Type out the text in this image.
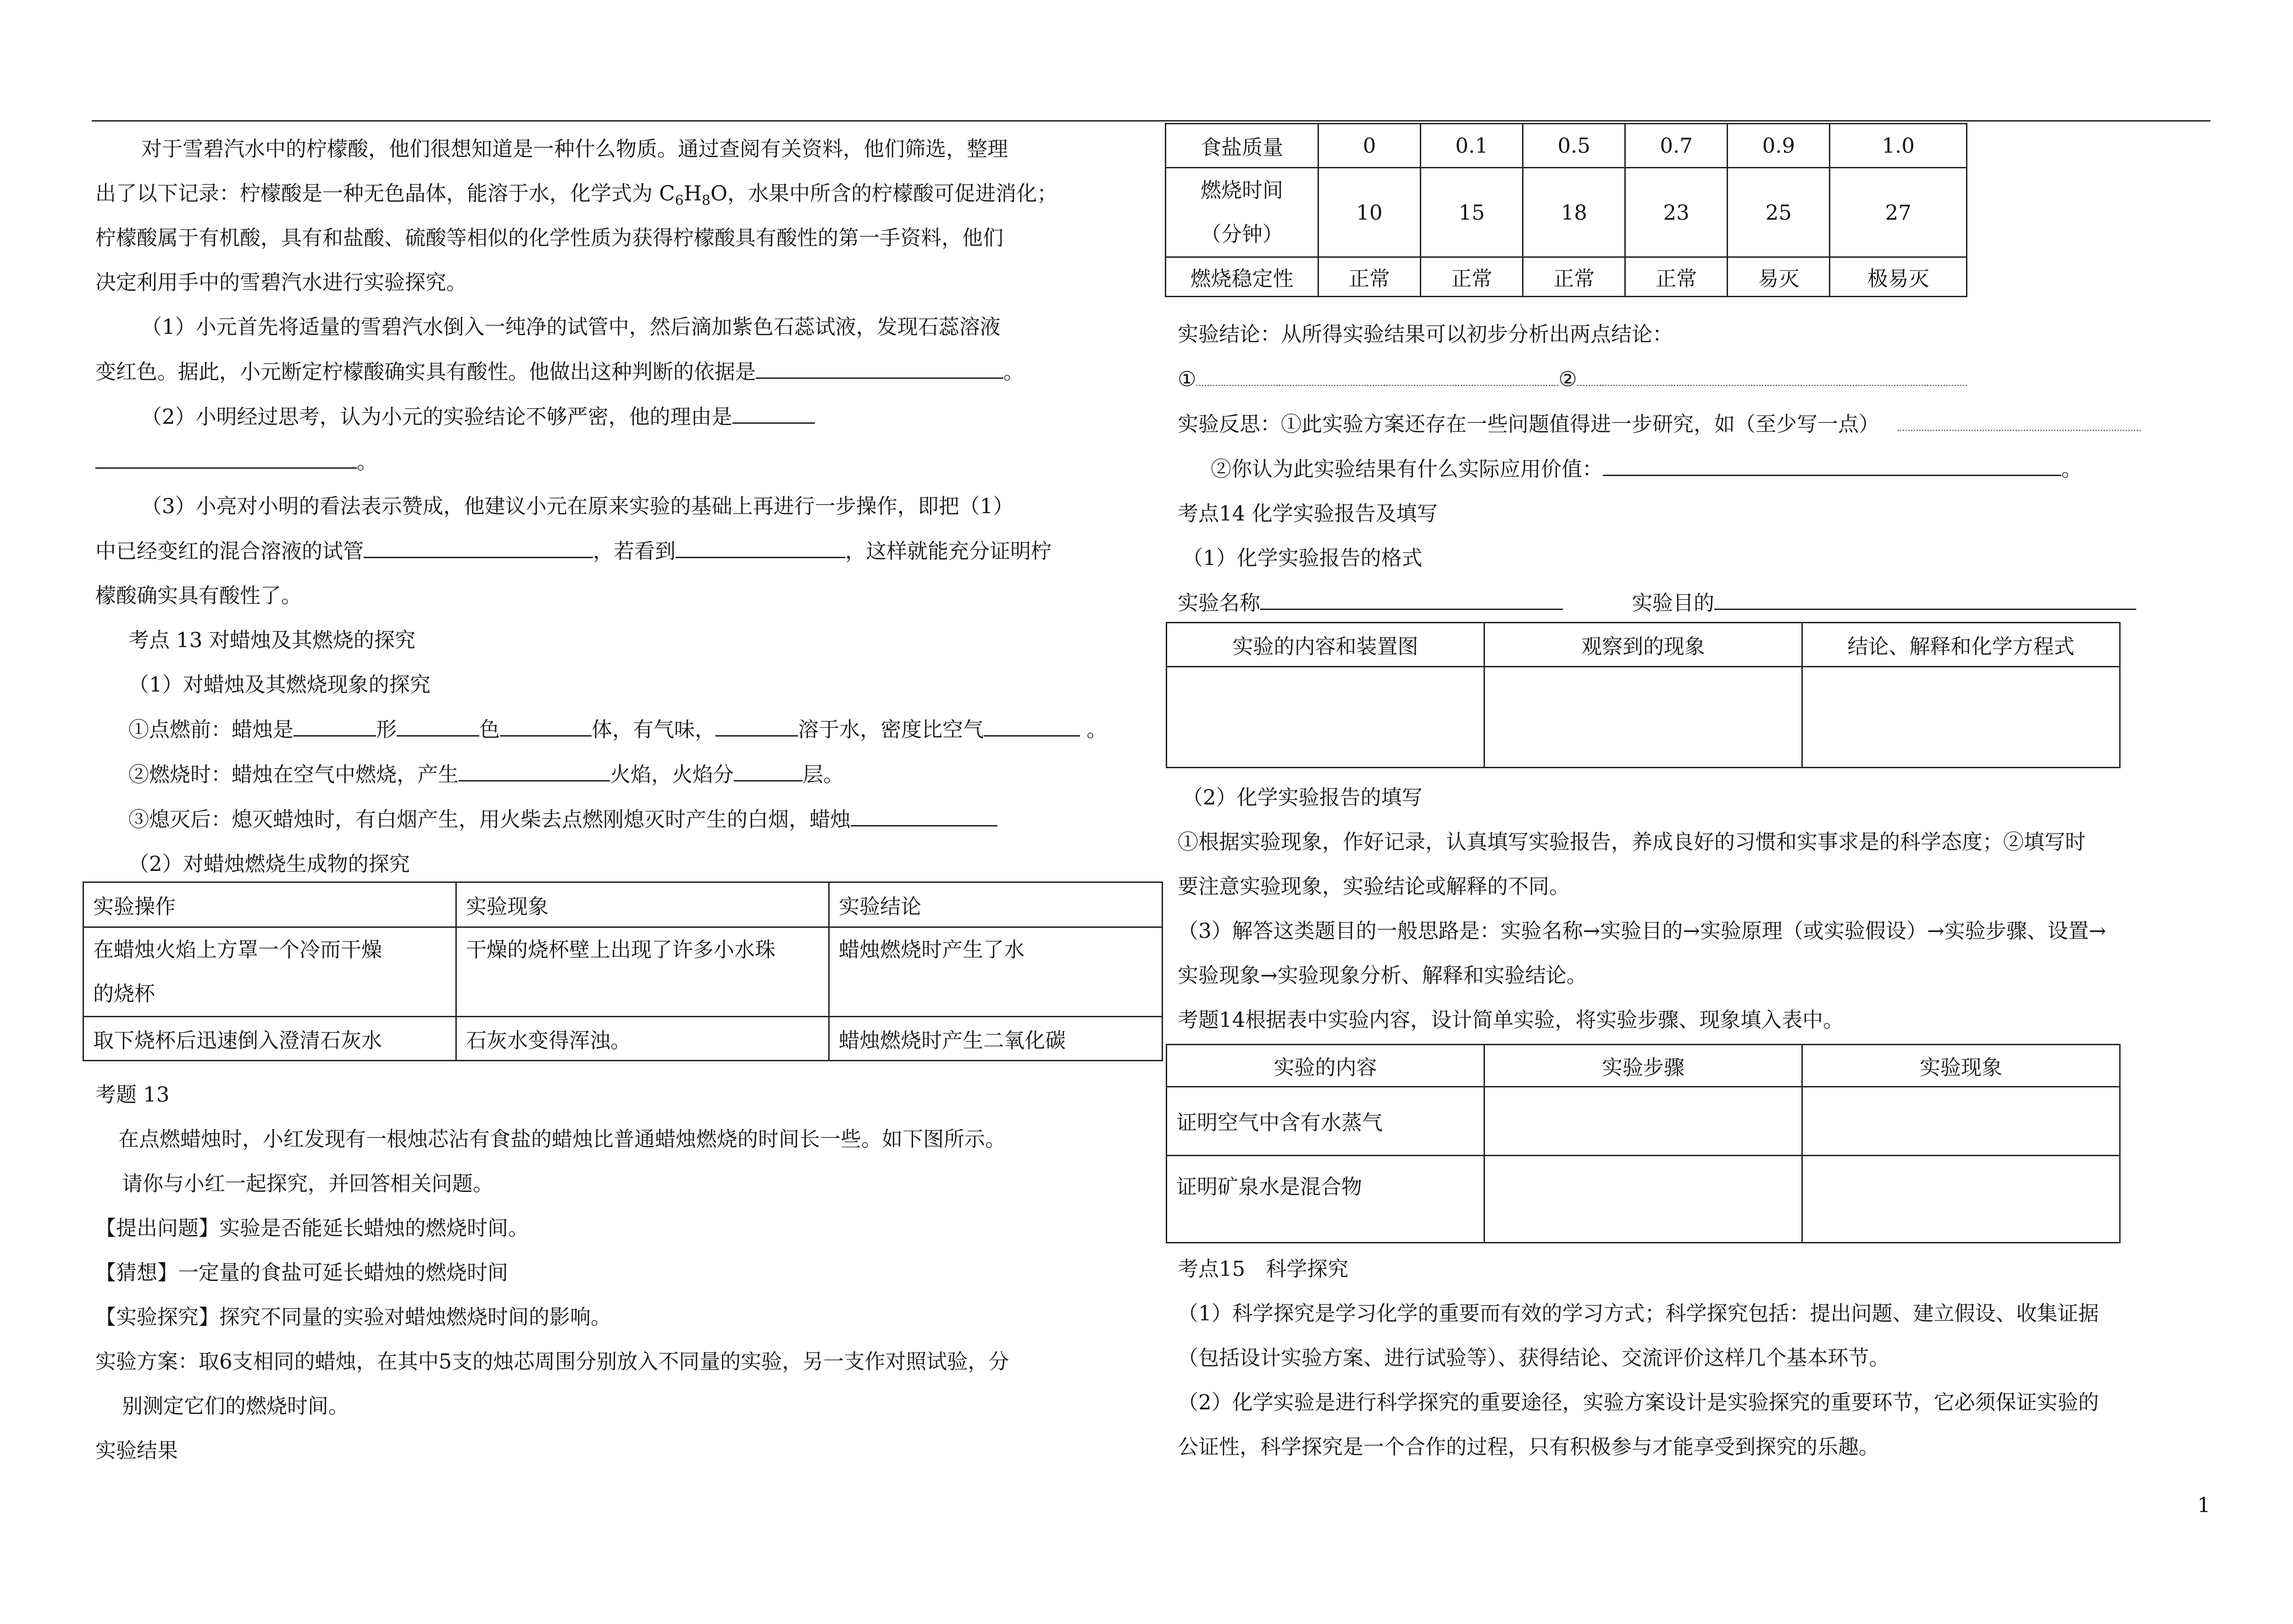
对于雪碧汽水中的柠檬酸，他们很想知道是一种什么物质。通过查阅有关资料，他们筛选，整理

出了以下记录：柠檬酸是一种无色晶体，能溶于水，化学式为 $C_6H_8O$，水果中所含的柠檬酸可促进消化；

柠檬酸属于有机酸，具有和盐酸、硫酸等相似的化学性质为获得柠檬酸具有酸性的第一手资料，他们

决定利用手中的雪碧汽水进行实验探究。

（1）小元首先将适量的雪碧汽水倒入一纯净的试管中，然后滴加紫色石蕊试液，发现石蕊溶液

变红色。据此，小元断定柠檬酸确实具有酸性。他做出这种判断的依据是	。

（2）小明经过思考，认为小元的实验结论不够严密，他的理由是

。

（3）小亮对小明的看法表示赞成，他建议小元在原来实验的基础上再进行一步操作，即把（1）

中已经变红的混合溶液的试管	，若看到	，这样就能充分证明柠

檬酸确实具有酸性了。

考点 13 对蜡烛及其燃烧的探究

（1）对蜡烛及其燃烧现象的探究

①点燃前：蜡烛是	形	色	体，有气味，	溶于水，密度比空气	。

②燃烧时：蜡烛在空气中燃烧，产生	火焰，火焰分	层。

③熄灭后：熄灭蜡烛时，有白烟产生，用火柴去点燃刚熄灭时产生的白烟，蜡烛

（2）对蜡烛燃烧生成物的探究

实验操作	实验现象	实验结论
在蜡烛火焰上方罩一个冷而干燥
的烧杯	干燥的烧杯壁上出现了许多小水珠	蜡烛燃烧时产生了水
取下烧杯后迅速倒入澄清石灰水	石灰水变得浑浊。	蜡烛燃烧时产生二氧化碳

考题 13

在点燃蜡烛时，小红发现有一根烛芯沾有食盐的蜡烛比普通蜡烛燃烧的时间长一些。如下图所示。

请你与小红一起探究，并回答相关问题。

【提出问题】实验是否能延长蜡烛的燃烧时间。

【猜想】一定量的食盐可延长蜡烛的燃烧时间

【实验探究】探究不同量的实验对蜡烛燃烧时间的影响。

实验方案：取6支相同的蜡烛，在其中5支的烛芯周围分别放入不同量的实验，另一支作对照试验，分

别测定它们的燃烧时间。

实验结果

食盐质量	0	0.1	0.5	0.7	0.9	1.0
燃烧时间
（分钟）	10	15	18	23	25	27
燃烧稳定性	正常	正常	正常	正常	易灭	极易灭

实验结论：从所得实验结果可以初步分析出两点结论：

①	②

实验反思：①此实验方案还存在一些问题值得进一步研究，如（至少写一点）

②你认为此实验结果有什么实际应用价值：	。

考点14 化学实验报告及填写

（1）化学实验报告的格式

实验名称	实验目的

实验的内容和装置图	观察到的现象	结论、解释和化学方程式

（2）化学实验报告的填写

①根据实验现象，作好记录，认真填写实验报告，养成良好的习惯和实事求是的科学态度；②填写时

要注意实验现象，实验结论或解释的不同。

（3）解答这类题目的一般思路是：实验名称→实验目的→实验原理（或实验假设）→实验步骤、设置→

实验现象→实验现象分析、解释和实验结论。

考题14根据表中实验内容，设计简单实验，将实验步骤、现象填入表中。

实验的内容	实验步骤	实验现象
证明空气中含有水蒸气		
证明矿泉水是混合物		

考点15　科学探究

（1）科学探究是学习化学的重要而有效的学习方式；科学探究包括：提出问题、建立假设、收集证据

（包括设计实验方案、进行试验等）、获得结论、交流评价这样几个基本环节。

（2）化学实验是进行科学探究的重要途径，实验方案设计是实验探究的重要环节，它必须保证实验的

公证性，科学探究是一个合作的过程，只有积极参与才能享受到探究的乐趣。

1
